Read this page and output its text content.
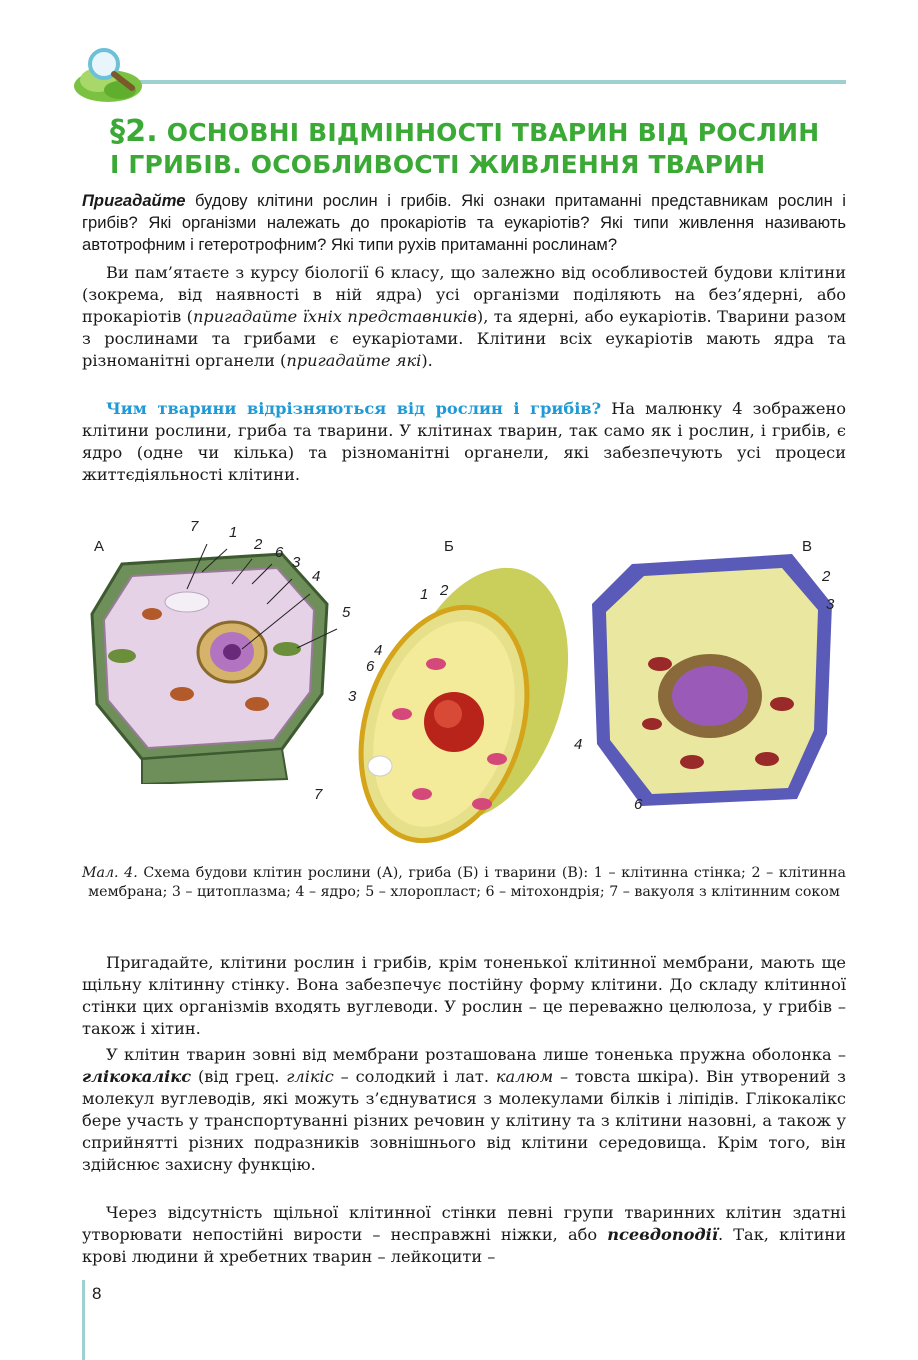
§2. ОСНОВНІ ВІДМІННОСТІ ТВАРИН ВІД РОСЛИН
І ГРИБІВ. ОСОБЛИВОСТІ ЖИВЛЕННЯ ТВАРИН
Пригадайте будову клітини рослин і грибів. Які ознаки притаманні представникам рослин і грибів? Які організми належать до прокаріотів та еукаріотів? Які типи живлення називають автотрофним і гетеротрофним? Які типи рухів притаманні рослинам?

Ви пам’ятаєте з курсу біології 6 класу, що залежно від особливостей будови клітини (зокрема, від наявності в ній ядра) усі організми поділяють на без’ядерні, або прокаріотів (пригадайте їхніх представників), та ядерні, або еукаріотів. Тварини разом з рослинами та грибами є еукаріотами. Клітини всіх еукаріотів мають ядра та різноманітні органели (пригадайте які).

Чим тварини відрізняються від рослин і грибів? На малюнку 4 зображено клітини рослини, гриба та тварини. У клітинах тварин, так само як і рослин, і грибів, є ядро (одне чи кілька) та різноманітні органели, які забезпечують усі процеси життєдіяльності клітини.

А	Б	В
7 1
2 6
3
4
5
1 2
4
6
3
7
2
3
4
6
Мал. 4. Схема будови клітин рослини (А), гриба (Б) і тварини (В): 1 – клітинна стінка; 2 – клітинна мембрана; 3 – цитоплазма; 4 – ядро; 5 – хлоропласт; 6 – мітохондрія; 7 – вакуоля з клітинним соком

Пригадайте, клітини рослин і грибів, крім тоненької клітинної мембрани, мають ще щільну клітинну стінку. Вона забезпечує постійну форму клітини. До складу клітинної стінки цих організмів входять вуглеводи. У рослин – це переважно целюлоза, у грибів – також і хітин.

У клітин тварин зовні від мембрани розташована лише тоненька пружна оболонка – глікокалікс (від грец. глікіс – солодкий і лат. калюм – товста шкіра). Він утворений з молекул вуглеводів, які можуть з’єднуватися з молекулами білків і ліпідів. Глікокалікс бере участь у транспортуванні різних речовин у клітину та з клітини назовні, а також у сприйнятті різних подразників зовнішнього від клітини середовища. Крім того, він здійснює захисну функцію.

Через відсутність щільної клітинної стінки певні групи тваринних клітин здатні утворювати непостійні вирости – несправжні ніжки, або псевдоподії. Так, клітини крові людини й хребетних тварин – лейкоцити –

8
